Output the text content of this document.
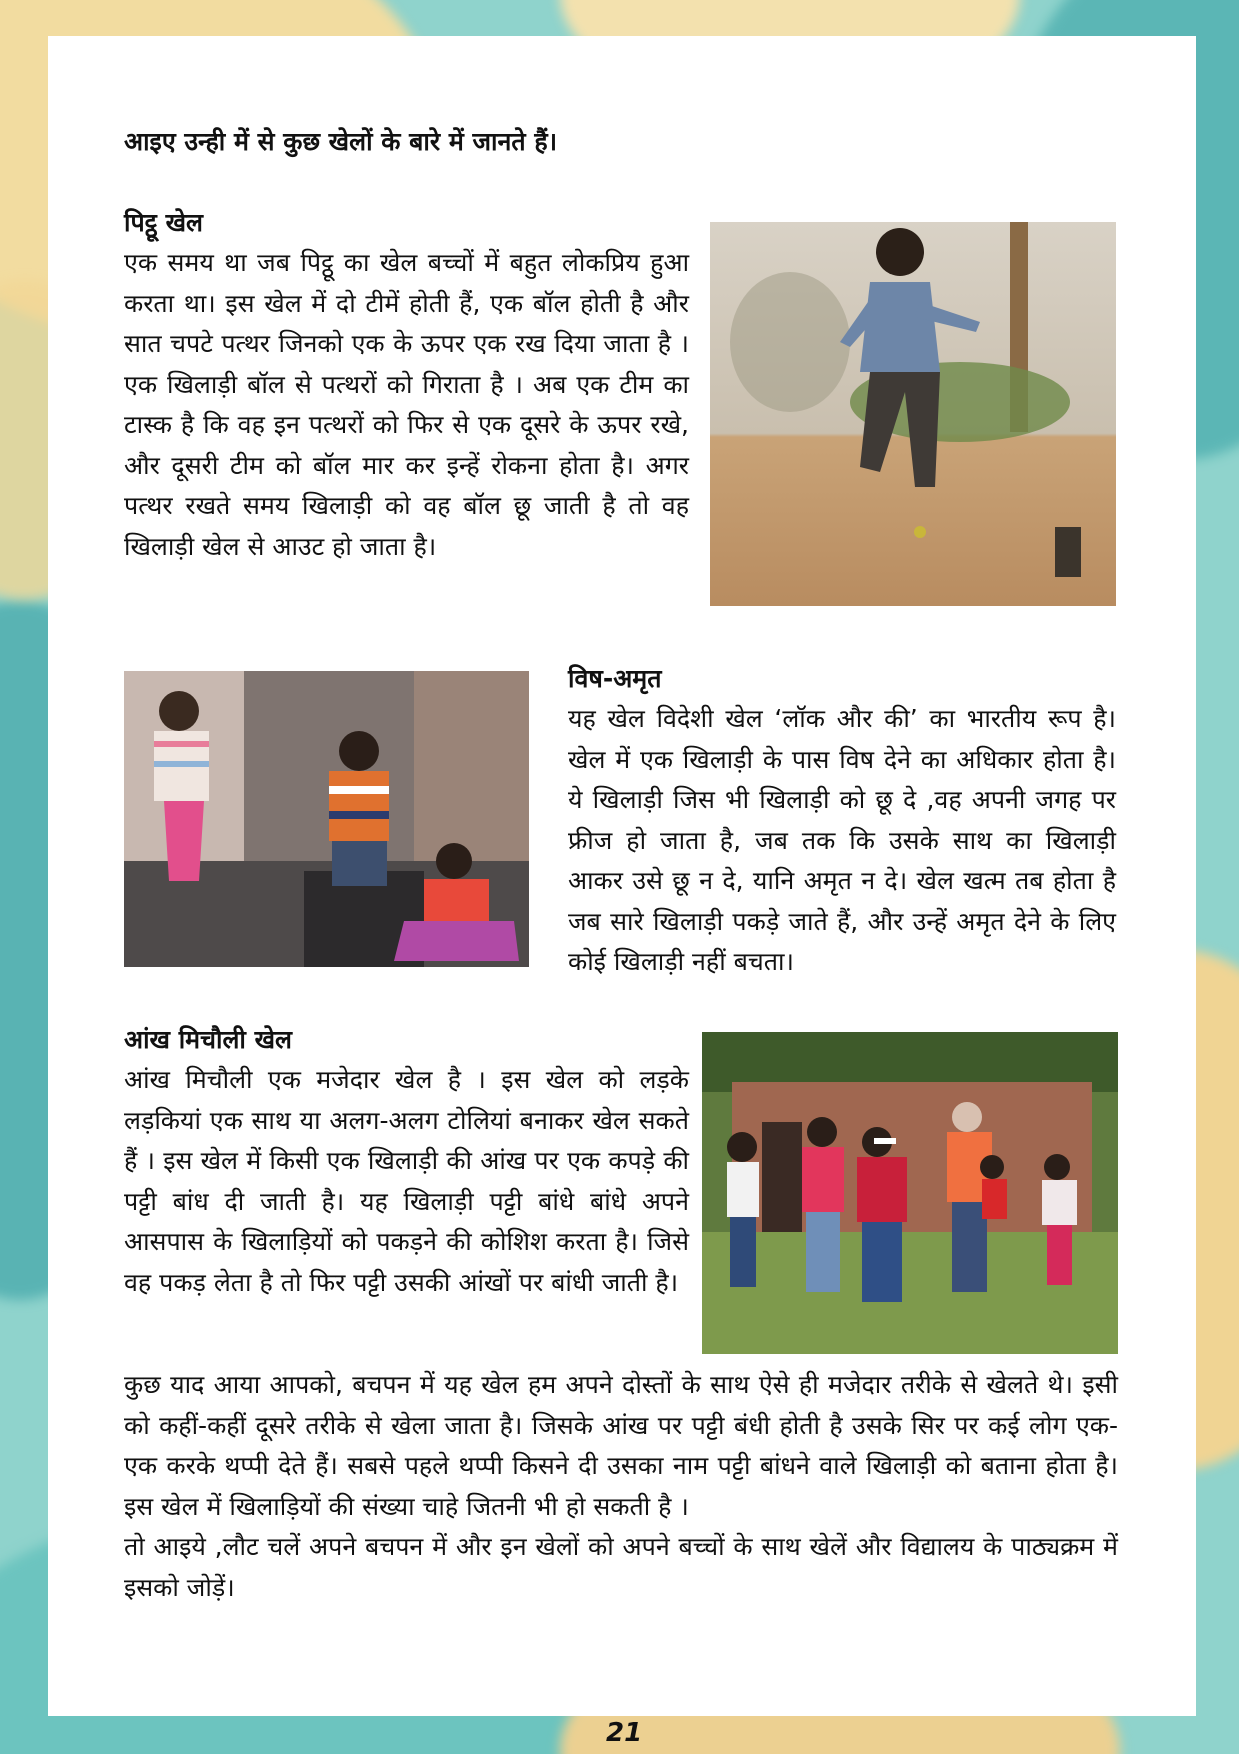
आइए उन्ही में से कुछ खेलों के बारे में जानते हैं।
पिट्ठू खेल

एक समय था जब पिट्ठू का खेल बच्चों में बहुत लोकप्रिय हुआ करता था। इस खेल में दो टीमें होती हैं, एक बॉल होती है और सात चपटे पत्थर जिनको एक के ऊपर एक रख दिया जाता है । एक खिलाड़ी बॉल से पत्थरों को गिराता है । अब एक टीम का टास्क है कि वह इन पत्थरों को फिर से एक दूसरे के ऊपर रखे, और दूसरी टीम को बॉल मार कर इन्हें रोकना होता है। अगर पत्थर रखते समय खिलाड़ी को वह बॉल छू जाती है तो वह खिलाड़ी खेल से आउट हो जाता है।

विष-अमृत

यह खेल विदेशी खेल ‘लॉक और की’ का भारतीय रूप है। खेल में एक खिलाड़ी के पास विष देने का अधिकार होता है। ये खिलाड़ी जिस भी खिलाड़ी को छू दे ,वह अपनी जगह पर फ्रीज हो जाता है, जब तक कि उसके साथ का खिलाड़ी आकर उसे छू न दे, यानि अमृत न दे। खेल खत्म तब होता है जब सारे खिलाड़ी पकड़े जाते हैं, और उन्हें अमृत देने के लिए कोई खिलाड़ी नहीं बचता।

आंख मिचौली खेल

आंख मिचौली एक मजेदार खेल है । इस खेल को लड़के लड़कियां एक साथ या अलग-अलग टोलियां बनाकर खेल सकते हैं । इस खेल में किसी एक खिलाड़ी की आंख पर एक कपड़े की पट्टी बांध दी जाती है। यह खिलाड़ी पट्टी बांधे बांधे अपने आसपास के खिलाड़ियों को पकड़ने की कोशिश करता है। जिसे वह पकड़ लेता है तो फिर पट्टी उसकी आंखों पर बांधी जाती है।

कुछ याद आया आपको, बचपन में यह खेल हम अपने दोस्तों के साथ ऐसे ही मजेदार तरीके से खेलते थे। इसी को कहीं-कहीं दूसरे तरीके से खेला जाता है। जिसके आंख पर पट्टी बंधी होती है उसके सिर पर कई लोग एक-एक करके थप्पी देते हैं। सबसे पहले थप्पी किसने दी उसका नाम पट्टी बांधने वाले खिलाड़ी को बताना होता है। इस खेल में खिलाड़ियों की संख्या चाहे जितनी भी हो सकती है ।

तो आइये ,लौट चलें अपने बचपन में और इन खेलों को अपने बच्चों के साथ खेलें और विद्यालय के पाठ्यक्रम में इसको जोड़ें।

21
